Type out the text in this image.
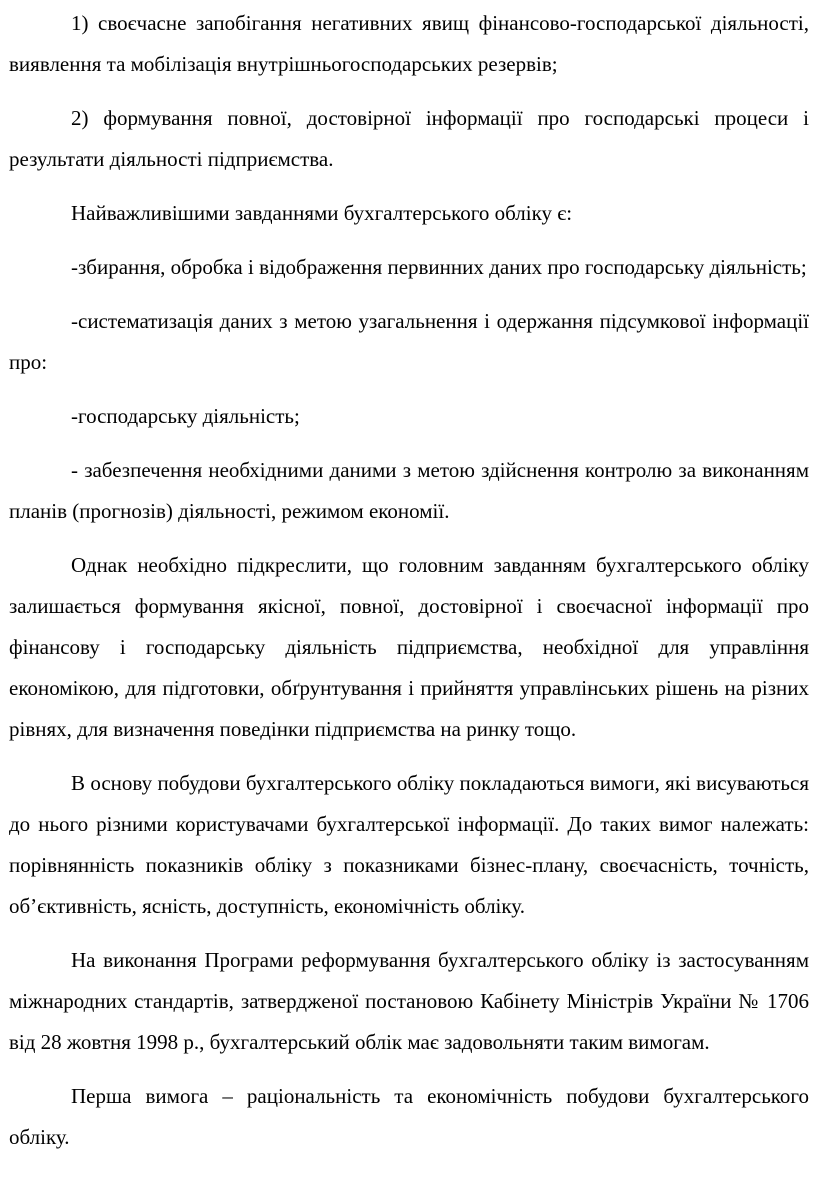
1) своєчасне запобігання негативних явищ фінансово-господарської діяльності, виявлення та мобілізація внутрішньогосподарських резервів;

2) формування повної, достовірної інформації про господарські процеси і результати діяльності підприємства.

Найважливішими завданнями бухгалтерського обліку є:

-збирання, обробка і відображення первинних даних про господарську діяльність;

-систематизація даних з метою узагальнення і одержання підсумкової інформації про:

-господарську діяльність;

- забезпечення необхідними даними з метою здійснення контролю за виконанням планів (прогнозів) діяльності, режимом економії.

Однак необхідно підкреслити, що головним завданням бухгалтерського обліку залишається формування якісної, повної, достовірної і своєчасної інформації про фінансову і господарську діяльність підприємства, необхідної для управління економікою, для підготовки, обґрунтування і прийняття управлінських рішень на різних рівнях, для визначення поведінки підприємства на ринку тощо.

В основу побудови бухгалтерського обліку покладаються вимоги, які висуваються до нього різними користувачами бухгалтерської інформації. До таких вимог належать: порівнянність показників обліку з показниками бізнес-плану, своєчасність, точність, об’єктивність, ясність, доступність, економічність обліку.

На виконання Програми реформування бухгалтерського обліку із застосуванням міжнародних стандартів, затвердженої постановою Кабінету Міністрів України № 1706 від 28 жовтня 1998 р., бухгалтерський облік має задовольняти таким вимогам.

Перша вимога – раціональність та економічність побудови бухгалтерського обліку.
